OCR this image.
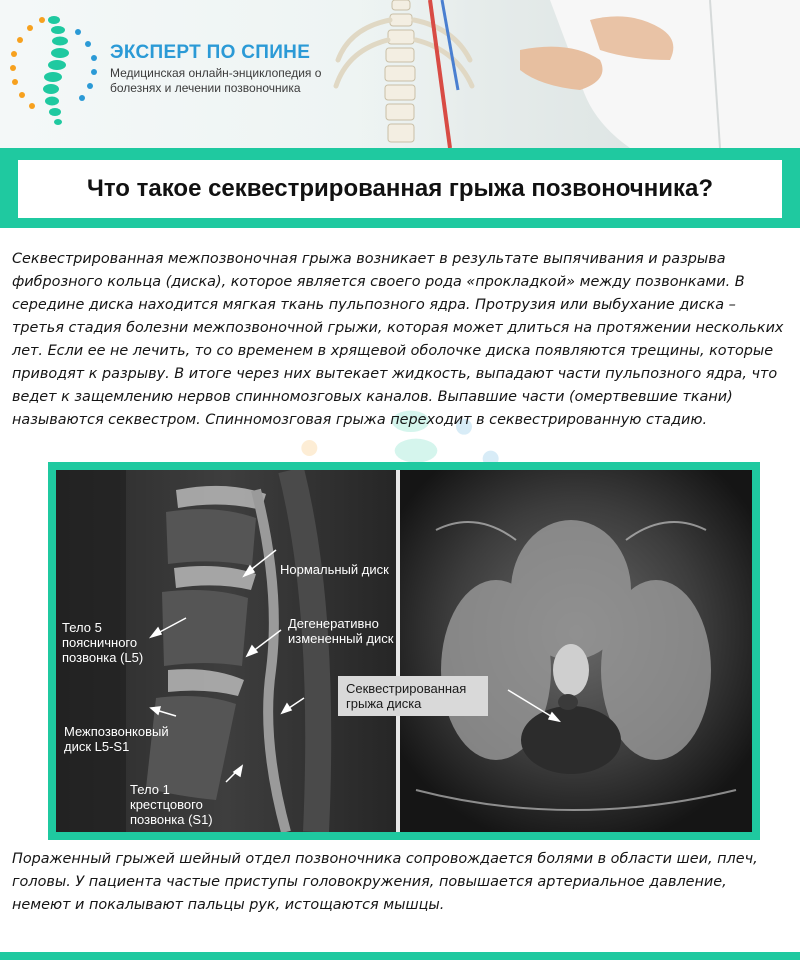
ЭКСПЕРТ ПО СПИНЕ
Медицинская онлайн-энциклопедия о болезнях и лечении позвоночника
Что такое секвестрированная грыжа позвоночника?

Секвестрированная межпозвоночная грыжа возникает в результате выпячивания и разрыва фиброзного кольца (диска), которое является своего рода «прокладкой» между позвонками. В середине диска находится мягкая ткань пульпозного ядра. Протрузия или выбухание диска – третья стадия болезни межпозвоночной грыжи, которая может длиться на протяжении нескольких лет. Если ее не лечить, то со временем в хрящевой оболочке диска появляются трещины, которые приводят к разрыву. В итоге через них вытекает жидкость, выпадают части пульпозного ядра, что ведет к защемлению нервов спинномозговых каналов. Выпавшие части (омертвевшие ткани) называются секвестром. Спинномозговая грыжа переходит в секвестрированную стадию.

Нормальный диск
Дегенеративно измененный диск
Тело 5 поясничного позвонка (L5)
Межпозвонковый диск L5-S1
Тело 1 крестцового позвонка (S1)
Секвестрированная грыжа диска

Пораженный грыжей шейный отдел позвоночника сопровождается болями в области шеи, плеч, головы. У пациента частые приступы головокружения, повышается артериальное давление, немеют и покалывают пальцы рук, истощаются мышцы.
